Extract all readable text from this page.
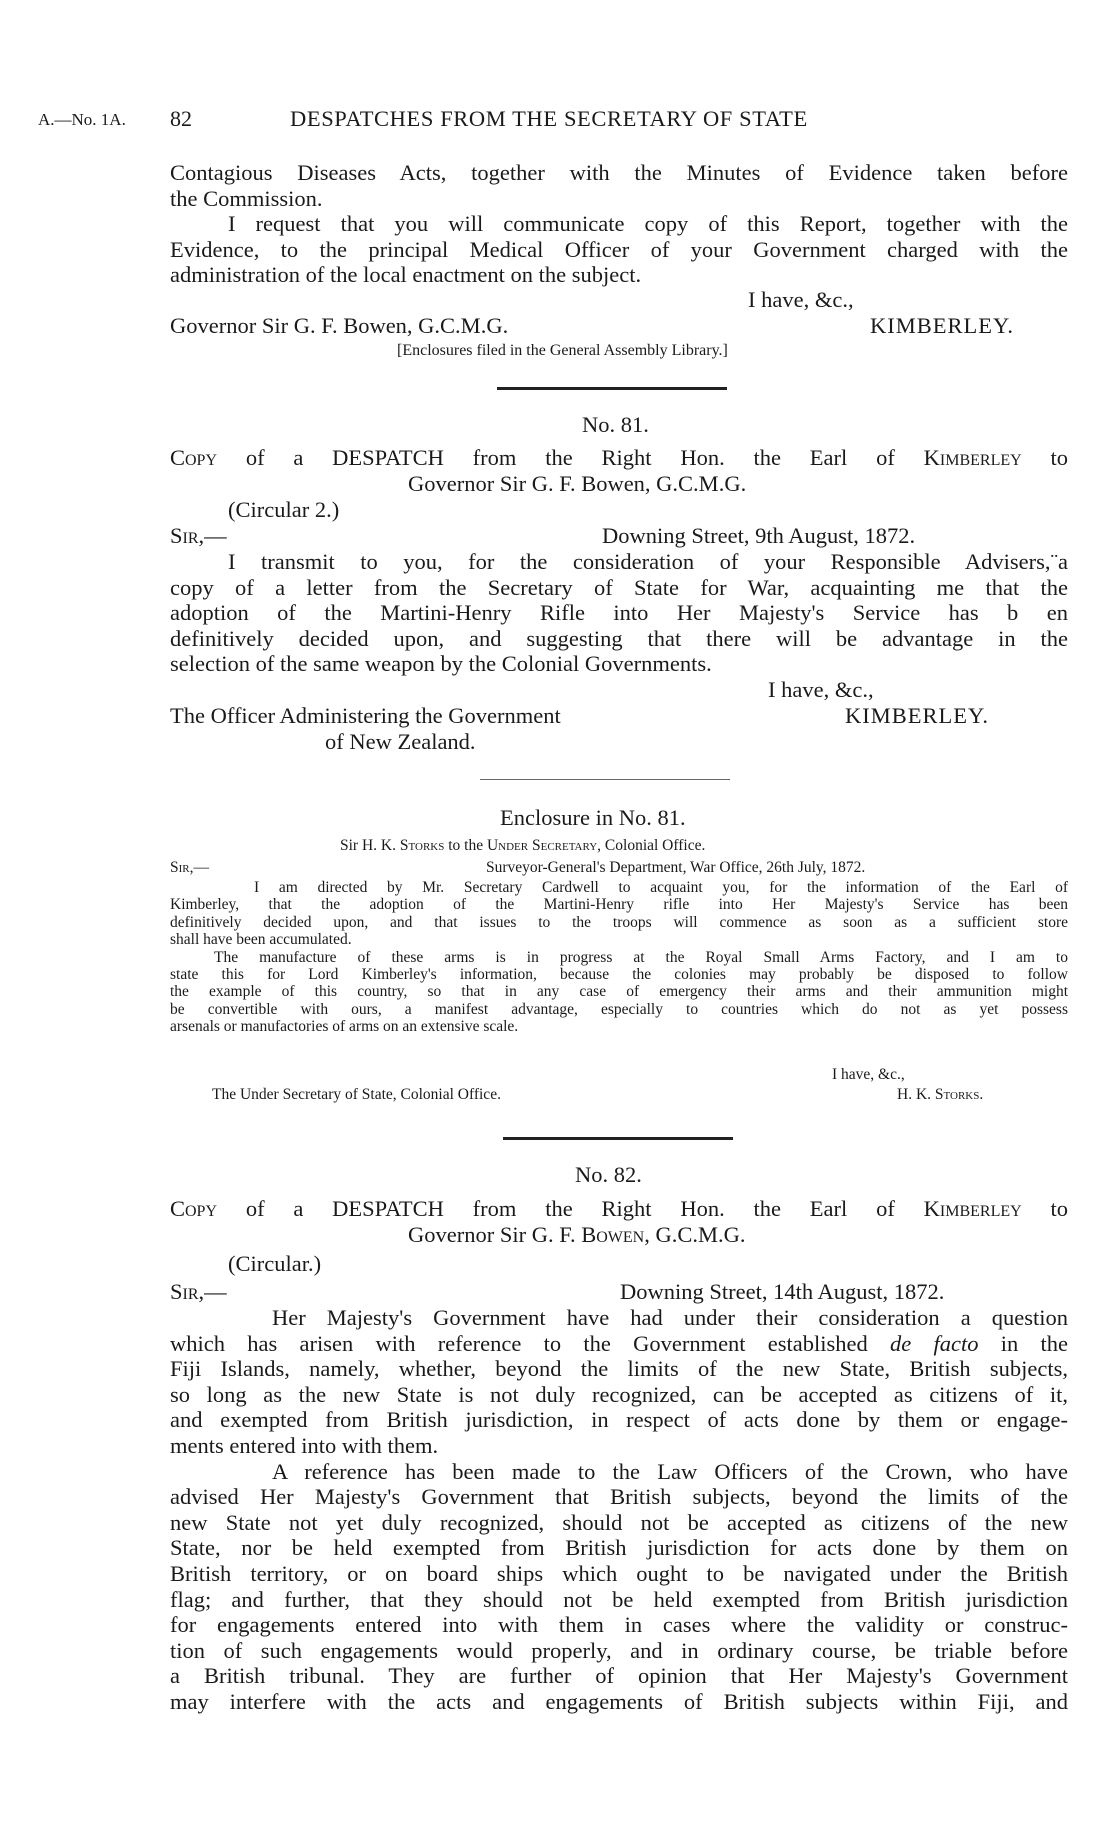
A.—No. 1A. 82	DESPATCHES FROM THE SECRETARY OF STATE
Contagious Diseases Acts, together with the Minutes of Evidence taken before
the Commission.
I request that you will communicate copy of this Report, together with the
Evidence, to the principal Medical Officer of your Government charged with the
administration of the local enactment on the subject.
I have, &c.,
Governor Sir G. F. Bowen, G.C.M.G.	KIMBERLEY.
[Enclosures filed in the General Assembly Library.]
No. 81.
Copy of a DESPATCH from the Right Hon. the Earl of Kimberley to
Governor Sir G. F. Bowen, G.C.M.G.
(Circular 2.)
Sir,—	Downing Street, 9th August, 1872.
I transmit to you, for the consideration of your Responsible Advisers,¨a
copy of a letter from the Secretary of State for War, acquainting me that the
adoption of the Martini-Henry Rifle into Her Majesty's Service has b en
definitively decided upon, and suggesting that there will be advantage in the
selection of the same weapon by the Colonial Governments.
I have, &c.,
The Officer Administering the Government	KIMBERLEY.
of New Zealand.
Enclosure in No. 81.
Sir H. K. Storks to the Under Secretary, Colonial Office.
Sir,—	Surveyor-General's Department, War Office, 26th July, 1872.
I am directed by Mr. Secretary Cardwell to acquaint you, for the information of the Earl of
Kimberley, that the adoption of the Martini-Henry rifle into Her Majesty's Service has been
definitively decided upon, and that issues to the troops will commence as soon as a sufficient store
shall have been accumulated.
The manufacture of these arms is in progress at the Royal Small Arms Factory, and I am to
state this for Lord Kimberley's information, because the colonies may probably be disposed to follow
the example of this country, so that in any case of emergency their arms and their ammunition might
be convertible with ours, a manifest advantage, especially to countries which do not as yet possess
arsenals or manufactories of arms on an extensive scale.
I have, &c.,
The Under Secretary of State, Colonial Office.	H. K. Storks.
No. 82.
Copy of a DESPATCH from the Right Hon. the Earl of Kimberley to
Governor Sir G. F. Bowen, G.C.M.G.
(Circular.)
Sir,—	Downing Street, 14th August, 1872.
Her Majesty's Government have had under their consideration a question
which has arisen with reference to the Government established de facto in the
Fiji Islands, namely, whether, beyond the limits of the new State, British subjects,
so long as the new State is not duly recognized, can be accepted as citizens of it,
and exempted from British jurisdiction, in respect of acts done by them or engage-
ments entered into with them.
A reference has been made to the Law Officers of the Crown, who have
advised Her Majesty's Government that British subjects, beyond the limits of the
new State not yet duly recognized, should not be accepted as citizens of the new
State, nor be held exempted from British jurisdiction for acts done by them on
British territory, or on board ships which ought to be navigated under the British
flag; and further, that they should not be held exempted from British jurisdiction
for engagements entered into with them in cases where the validity or construc-
tion of such engagements would properly, and in ordinary course, be triable before
a British tribunal. They are further of opinion that Her Majesty's Government
may interfere with the acts and engagements of British subjects within Fiji, and
